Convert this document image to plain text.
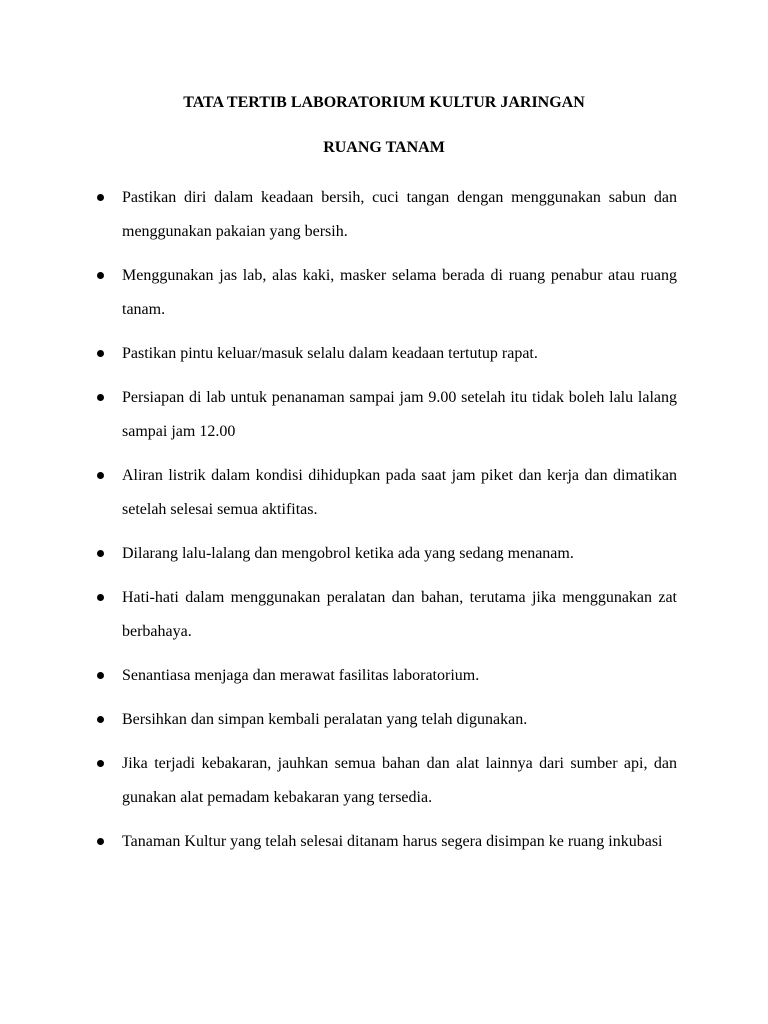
TATA TERTIB LABORATORIUM KULTUR JARINGAN
RUANG TANAM
Pastikan diri dalam keadaan bersih, cuci tangan dengan menggunakan sabun dan menggunakan pakaian yang bersih.
Menggunakan jas lab, alas kaki, masker selama berada di ruang penabur atau ruang tanam.
Pastikan pintu keluar/masuk selalu dalam keadaan tertutup rapat.
Persiapan di lab untuk penanaman sampai jam 9.00 setelah itu tidak boleh lalu lalang sampai jam 12.00
Aliran listrik dalam kondisi dihidupkan pada saat jam piket dan kerja dan dimatikan setelah selesai semua aktifitas.
Dilarang lalu-lalang dan mengobrol ketika ada yang sedang menanam.
Hati-hati dalam menggunakan peralatan dan bahan, terutama jika menggunakan zat berbahaya.
Senantiasa menjaga dan merawat fasilitas laboratorium.
Bersihkan dan simpan kembali peralatan yang telah digunakan.
Jika terjadi kebakaran, jauhkan semua bahan dan alat lainnya dari sumber api, dan gunakan alat pemadam kebakaran yang tersedia.
Tanaman Kultur yang telah selesai ditanam harus segera disimpan ke ruang inkubasi
